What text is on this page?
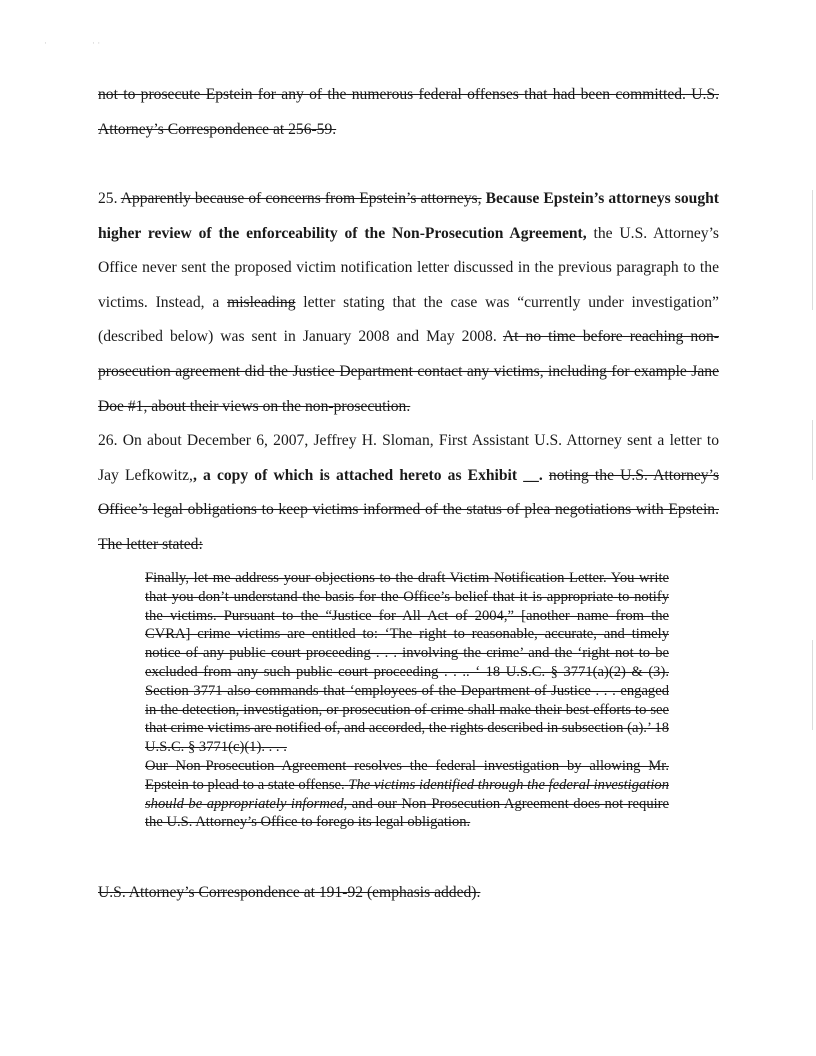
·	· ·
not to prosecute Epstein for any of the numerous federal offenses that had been committed. U.S. Attorney’s Correspondence at 256-59.
25. Apparently because of concerns from Epstein’s attorneys, Because Epstein’s attorneys sought higher review of the enforceability of the Non-Prosecution Agreement, the U.S. Attorney’s Office never sent the proposed victim notification letter discussed in the previous paragraph to the victims. Instead, a misleading letter stating that the case was “currently under investigation” (described below) was sent in January 2008 and May 2008. At no time before reaching non-prosecution agreement did the Justice Department contact any victims, including for example Jane Doe #1, about their views on the non-prosecution.
26. On about December 6, 2007, Jeffrey H. Sloman, First Assistant U.S. Attorney sent a letter to Jay Lefkowitz,, a copy of which is attached hereto as Exhibit __. noting the U.S. Attorney’s Office’s legal obligations to keep victims informed of the status of plea negotiations with Epstein. The letter stated:

Finally, let me address your objections to the draft Victim Notification Letter. You write that you don’t understand the basis for the Office’s belief that it is appropriate to notify the victims. Pursuant to the “Justice for All Act of 2004,” [another name from the CVRA] crime victims are entitled to: ‘The right to reasonable, accurate, and timely notice of any public court proceeding . . . involving the crime’ and the ‘right not to be excluded from any such public court proceeding . . .. ‘ 18 U.S.C. § 3771(a)(2) & (3). Section 3771 also commands that ‘employees of the Department of Justice . . . engaged in the detection, investigation, or prosecution of crime shall make their best efforts to see that crime victims are notified of, and accorded, the rights described in subsection (a).’ 18 U.S.C. § 3771(c)(1). . . .

Our Non-Prosecution Agreement resolves the federal investigation by allowing Mr. Epstein to plead to a state offense. The victims identified through the federal investigation should be appropriately informed, and our Non-Prosecution Agreement does not require the U.S. Attorney’s Office to forego its legal obligation.

U.S. Attorney’s Correspondence at 191-92 (emphasis added).
